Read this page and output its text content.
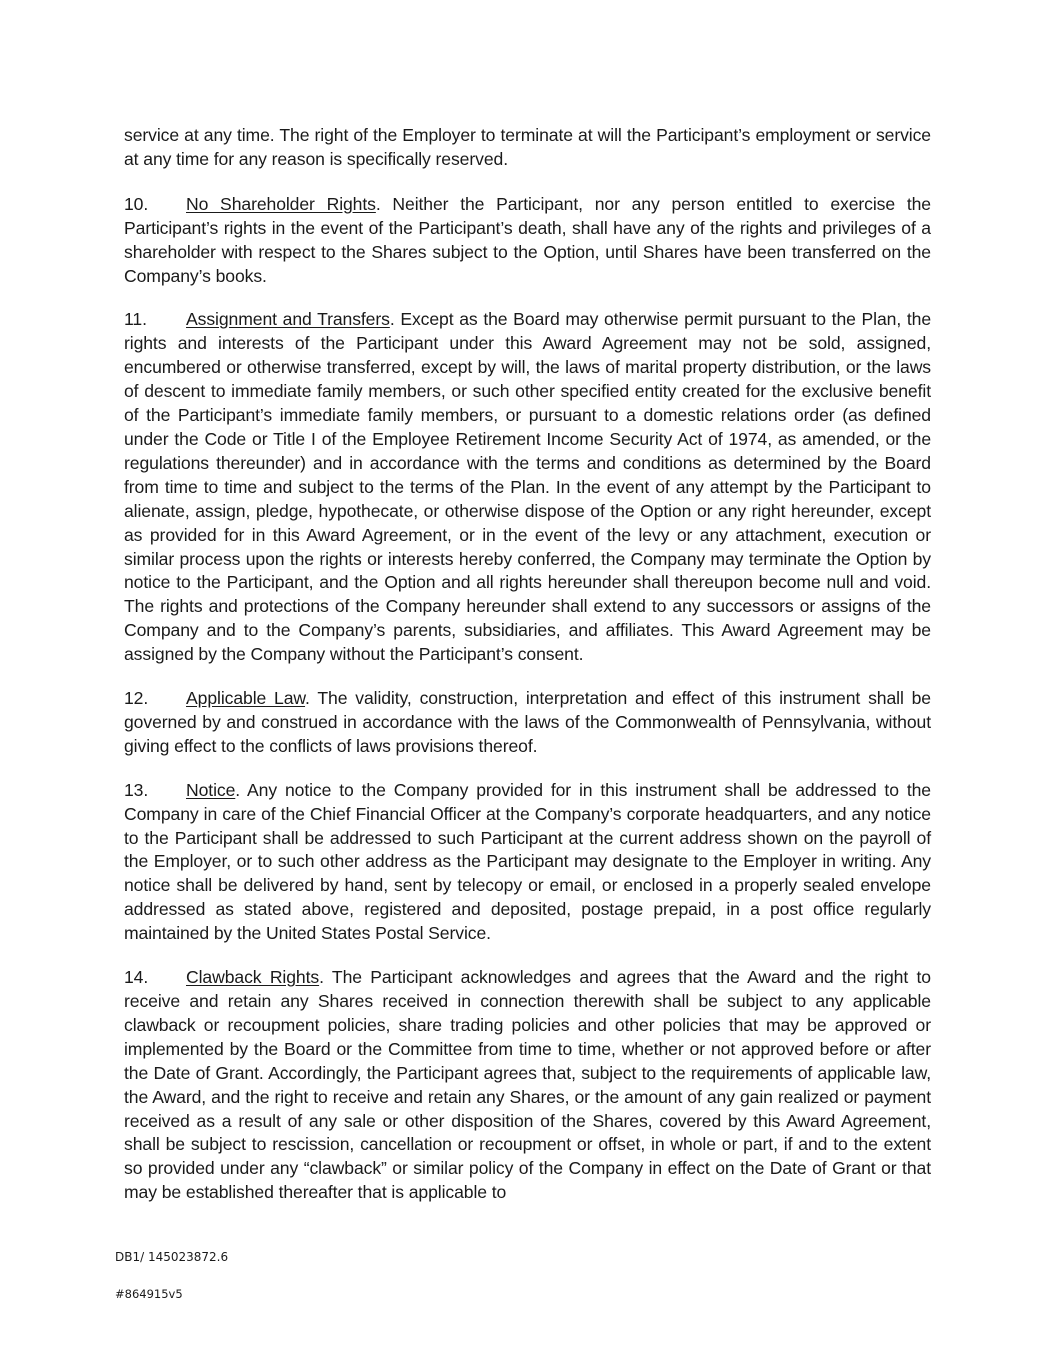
service at any time. The right of the Employer to terminate at will the Participant’s employment or service at any time for any reason is specifically reserved.

10. No Shareholder Rights. Neither the Participant, nor any person entitled to exercise the Participant’s rights in the event of the Participant’s death, shall have any of the rights and privileges of a shareholder with respect to the Shares subject to the Option, until Shares have been transferred on the Company’s books.

11. Assignment and Transfers. Except as the Board may otherwise permit pursuant to the Plan, the rights and interests of the Participant under this Award Agreement may not be sold, assigned, encumbered or otherwise transferred, except by will, the laws of marital property distribution, or the laws of descent to immediate family members, or such other specified entity created for the exclusive benefit of the Participant’s immediate family members, or pursuant to a domestic relations order (as defined under the Code or Title I of the Employee Retirement Income Security Act of 1974, as amended, or the regulations thereunder) and in accordance with the terms and conditions as determined by the Board from time to time and subject to the terms of the Plan. In the event of any attempt by the Participant to alienate, assign, pledge, hypothecate, or otherwise dispose of the Option or any right hereunder, except as provided for in this Award Agreement, or in the event of the levy or any attachment, execution or similar process upon the rights or interests hereby conferred, the Company may terminate the Option by notice to the Participant, and the Option and all rights hereunder shall thereupon become null and void. The rights and protections of the Company hereunder shall extend to any successors or assigns of the Company and to the Company’s parents, subsidiaries, and affiliates. This Award Agreement may be assigned by the Company without the Participant’s consent.

12. Applicable Law. The validity, construction, interpretation and effect of this instrument shall be governed by and construed in accordance with the laws of the Commonwealth of Pennsylvania, without giving effect to the conflicts of laws provisions thereof.

13. Notice. Any notice to the Company provided for in this instrument shall be addressed to the Company in care of the Chief Financial Officer at the Company’s corporate headquarters, and any notice to the Participant shall be addressed to such Participant at the current address shown on the payroll of the Employer, or to such other address as the Participant may designate to the Employer in writing. Any notice shall be delivered by hand, sent by telecopy or email, or enclosed in a properly sealed envelope addressed as stated above, registered and deposited, postage prepaid, in a post office regularly maintained by the United States Postal Service.

14. Clawback Rights. The Participant acknowledges and agrees that the Award and the right to receive and retain any Shares received in connection therewith shall be subject to any applicable clawback or recoupment policies, share trading policies and other policies that may be approved or implemented by the Board or the Committee from time to time, whether or not approved before or after the Date of Grant. Accordingly, the Participant agrees that, subject to the requirements of applicable law, the Award, and the right to receive and retain any Shares, or the amount of any gain realized or payment received as a result of any sale or other disposition of the Shares, covered by this Award Agreement, shall be subject to rescission, cancellation or recoupment or offset, in whole or part, if and to the extent so provided under any “clawback” or similar policy of the Company in effect on the Date of Grant or that may be established thereafter that is applicable to

DB1/ 145023872.6
#864915v5
